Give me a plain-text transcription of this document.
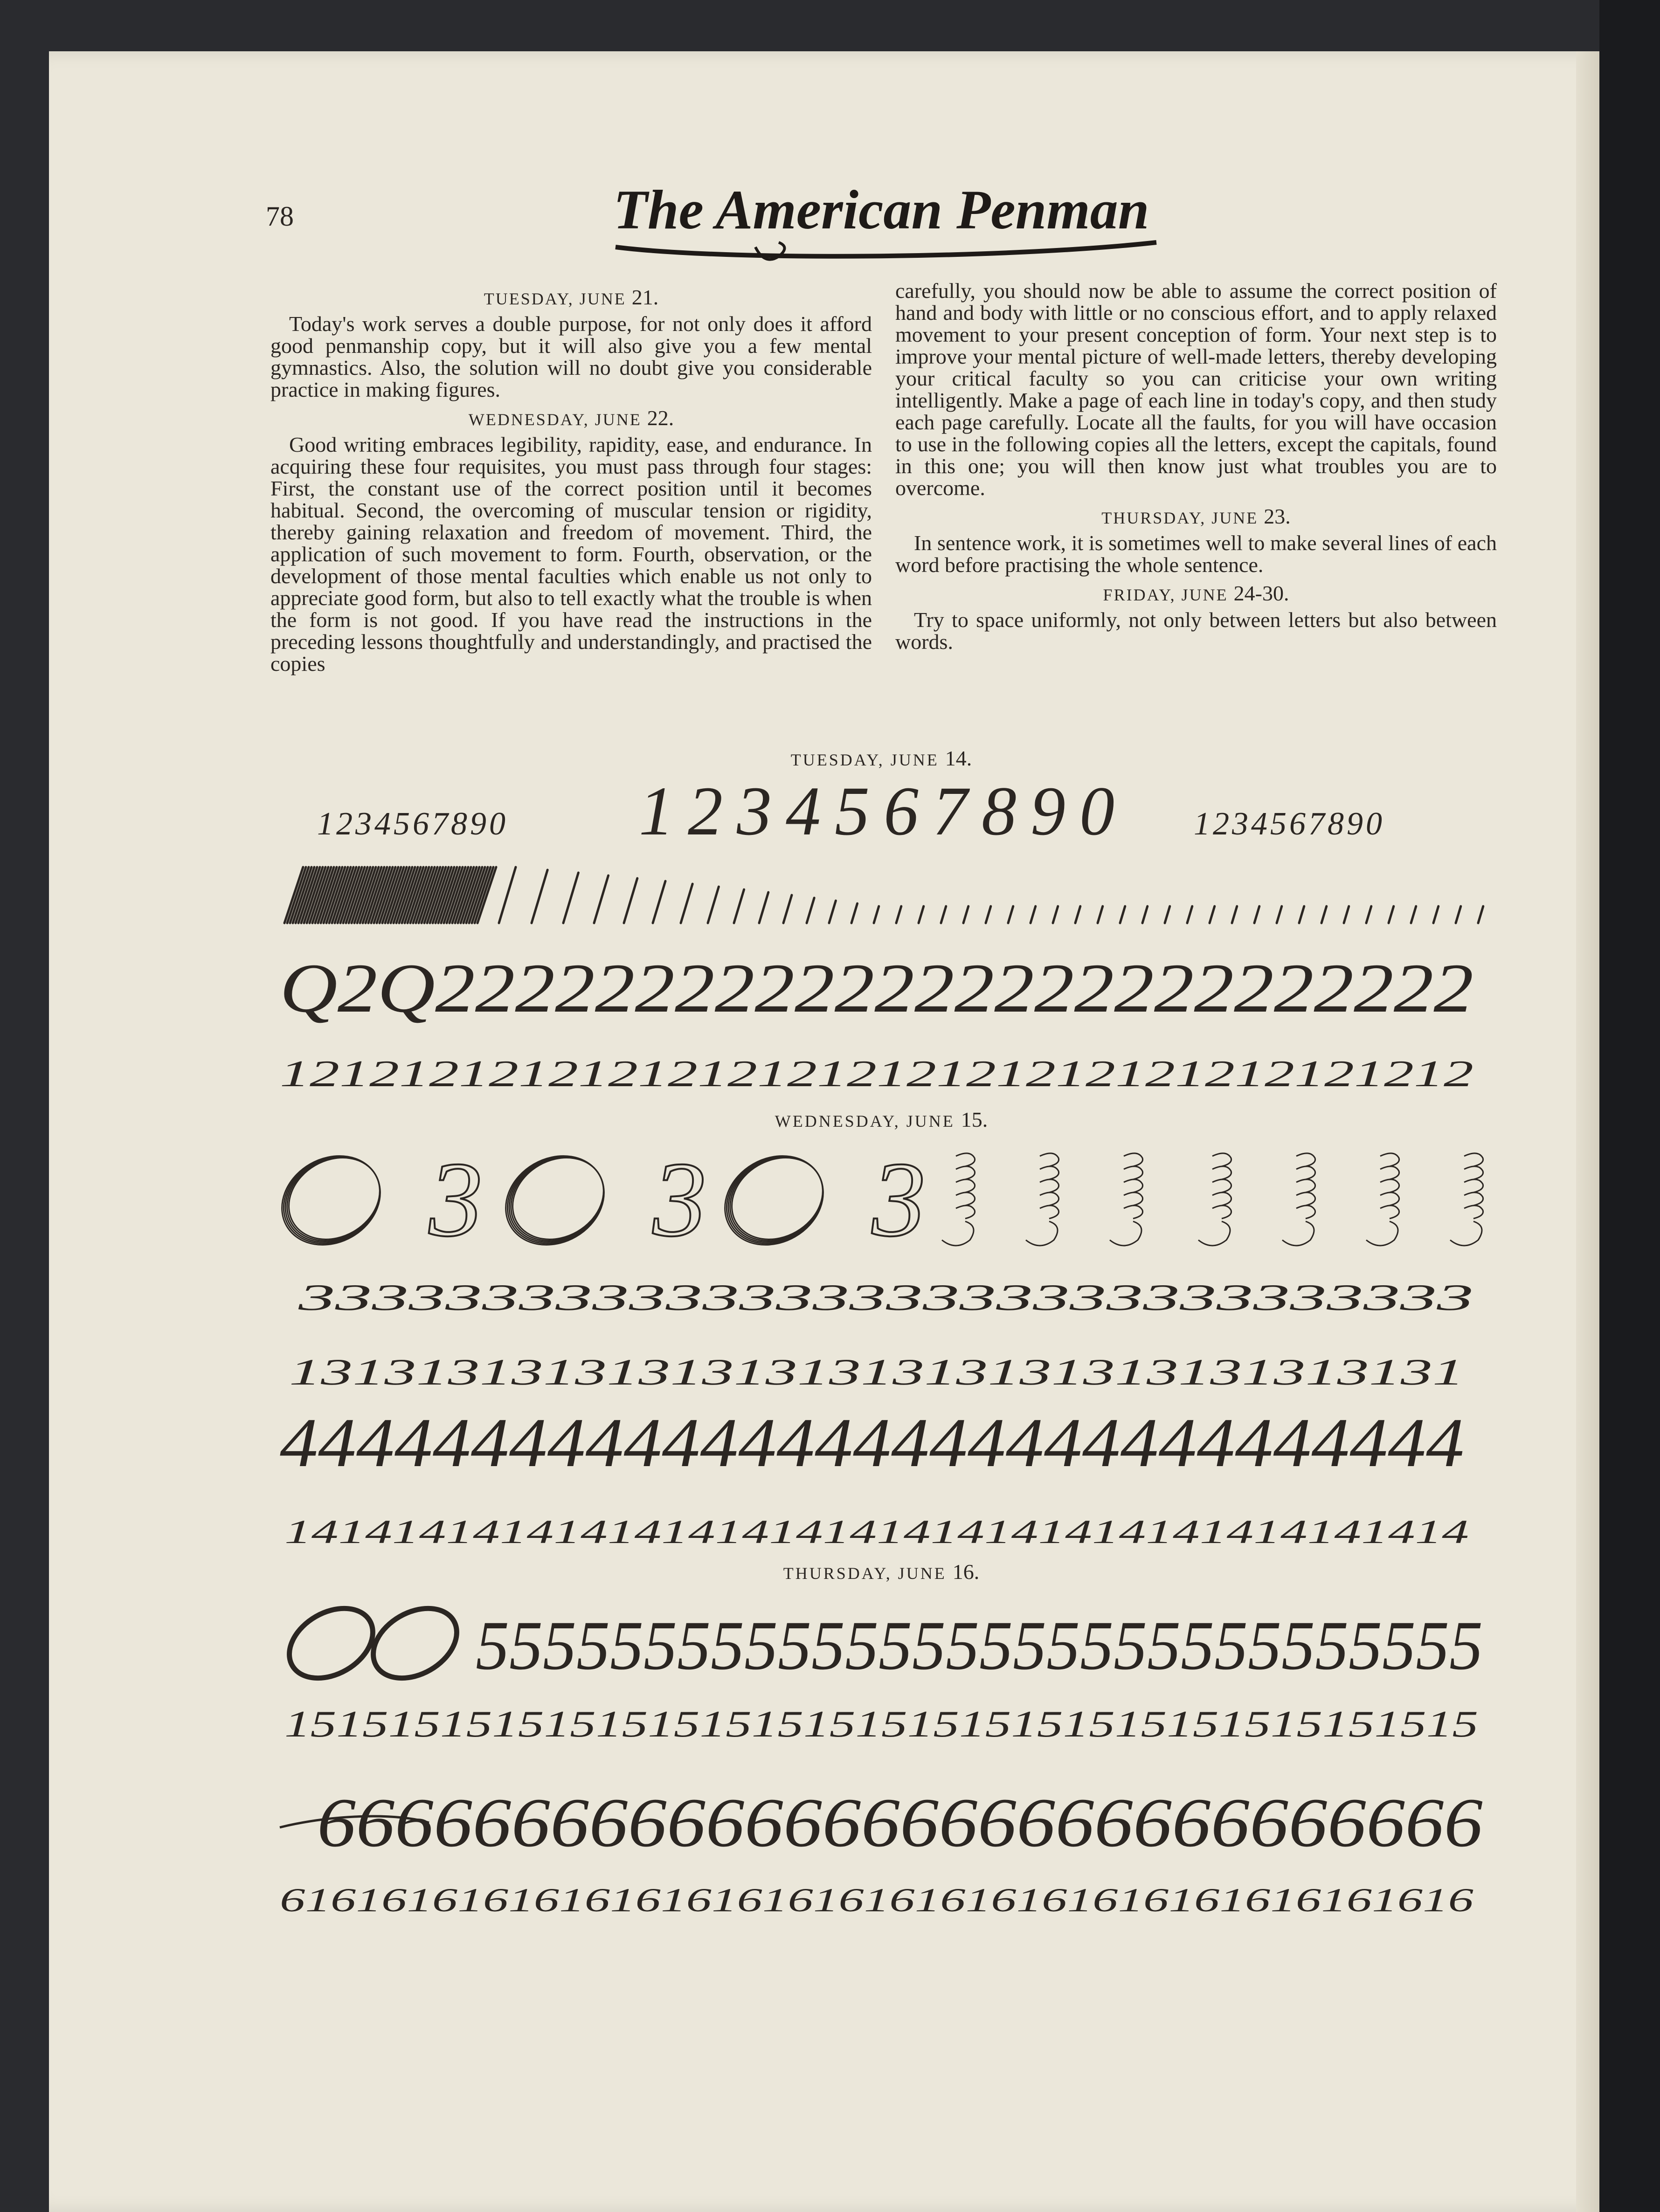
78	The American Penman

TUESDAY, JUNE 21.

Today's work serves a double purpose, for not only does it afford good penmanship copy, but it will also give you a few mental gymnastics. Also, the solution will no doubt give you considerable practice in making figures.

WEDNESDAY, JUNE 22.

Good writing embraces legibility, rapidity, ease, and endurance. In acquiring these four requisites, you must pass through four stages: First, the constant use of the correct position until it becomes habitual. Second, the overcoming of muscular tension or rigidity, thereby gaining relaxation and freedom of movement. Third, the application of such movement to form. Fourth, observation, or the development of those mental faculties which enable us not only to appreciate good form, but also to tell exactly what the trouble is when the form is not good. If you have read the instructions in the preceding lessons thoughtfully and understandingly, and practised the copies

carefully, you should now be able to assume the correct position of hand and body with little or no conscious effort, and to apply relaxed movement to your present conception of form. Your next step is to improve your mental picture of well-made letters, thereby developing your critical faculty so you can criticise your own writing intelligently. Make a page of each line in today's copy, and then study each page carefully. Locate all the faults, for you will have occasion to use in the following copies all the letters, except the capitals, found in this one; you will then know just what troubles you are to overcome.

THURSDAY, JUNE 23.

In sentence work, it is sometimes well to make several lines of each word before practising the whole sentence.

FRIDAY, JUNE 24-30.

Try to space uniformly, not only between letters but also between words.

TUESDAY, JUNE 14.
WEDNESDAY, JUNE 15.
THURSDAY, JUNE 16.
1234567890 1234567890 1234567890
Q2Q22222222222222222222222222
1212121212121212121212121212121212121212
3 3 3
33333333333333333333333333333333
1313131313131313131313131313131313131
4444444444444444444444444444444
14141414141414141414141414141414141414141414
555555555555555555555555555555
1515151515151515151515151515151515151515151515
666666666666666666666666666666
61616161616161616161616161616161616161616161616
